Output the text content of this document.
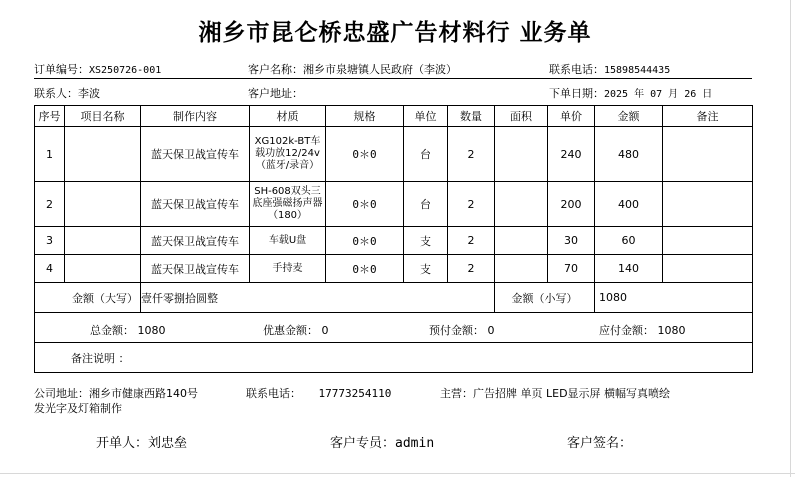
湘乡市昆仑桥忠盛广告材料行 业务单
订单编号：XS250726-001	客户名称：湘乡市泉塘镇人民政府（李波）	联系电话：15898544435
联系人：李波	客户地址：	下单日期：2025 年 07 月 26 日
序号	项目名称	制作内容	材质	规格	单位	数量	面积	单价	金额	备注
1		蓝天保卫战宣传车	XG102k-BT车载功放12/24v（蓝牙/录音）	0＊0	台	2		240	480	
2		蓝天保卫战宣传车	SH-608双头三底座强磁扬声器（180）	0＊0	台	2		200	400	
3		蓝天保卫战宣传车	车载U盘	0＊0	支	2		30	60	
4		蓝天保卫战宣传车	手持麦	0＊0	支	2		70	140	
金额（大写）		壹仟零捌拾圆整					金额（小写）		1080	

总金额： 1080 优惠金额： 0 预付金额： 0 应付金额： 1080										

备注说明 ：										
公司地址：湘乡市健康西路140号	联系电话： 17773254110	主营：广告招牌 单页 LED显示屏 横幅写真喷绘
发光字及灯箱制作
开单人：刘忠垒	客户专员：admin	客户签名：
